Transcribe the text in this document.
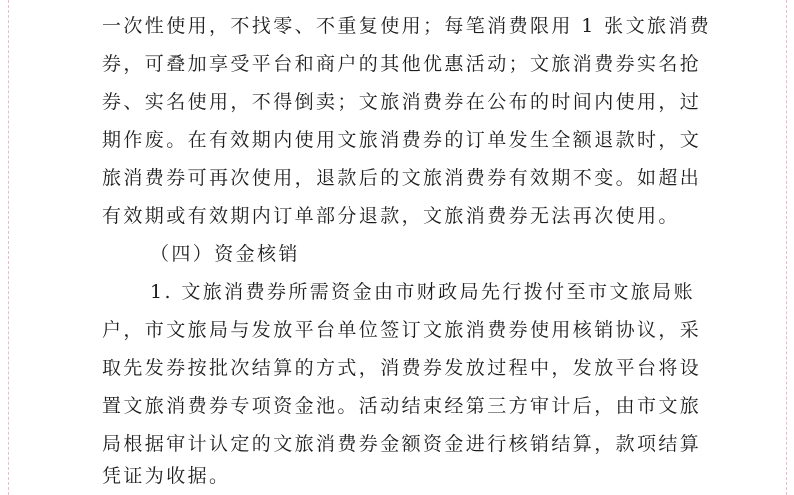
一次性使用，不找零、不重复使用；每笔消费限用 1 张文旅消费
券，可叠加享受平台和商户的其他优惠活动；文旅消费券实名抢
券、实名使用，不得倒卖；文旅消费券在公布的时间内使用，过
期作废。在有效期内使用文旅消费券的订单发生全额退款时，文
旅消费券可再次使用，退款后的文旅消费券有效期不变。如超出
有效期或有效期内订单部分退款，文旅消费券无法再次使用。
（四）资金核销
1. 文旅消费券所需资金由市财政局先行拨付至市文旅局账
户，市文旅局与发放平台单位签订文旅消费券使用核销协议，采
取先发券按批次结算的方式，消费券发放过程中，发放平台将设
置文旅消费券专项资金池。活动结束经第三方审计后，由市文旅
局根据审计认定的文旅消费券金额资金进行核销结算，款项结算
凭证为收据。
